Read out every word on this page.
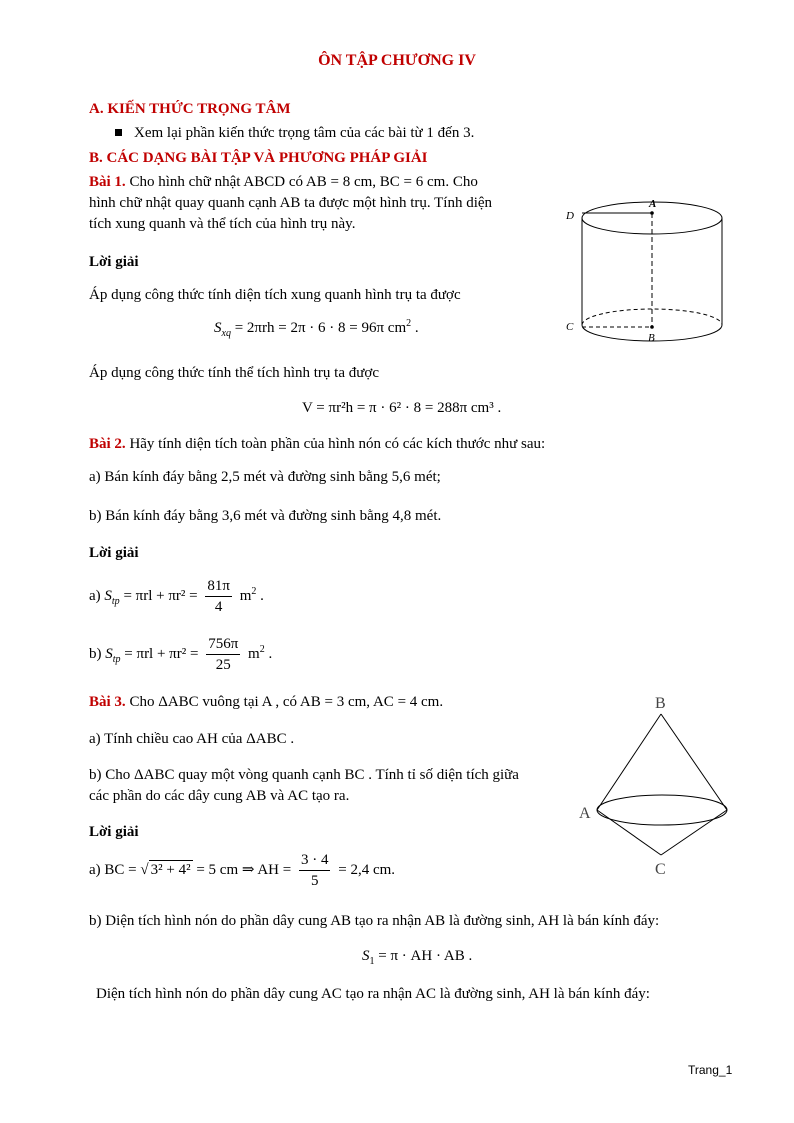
ÔN TẬP CHƯƠNG IV
A. KIẾN THỨC TRỌNG TÂM
Xem lại phần kiến thức trọng tâm của các bài từ 1 đến 3.
B. CÁC DẠNG BÀI TẬP VÀ PHƯƠNG PHÁP GIẢI
Bài 1. Cho hình chữ nhật ABCD có AB = 8 cm, BC = 6 cm. Cho
hình chữ nhật quay quanh cạnh AB ta được một hình trụ. Tính diện
tích xung quanh và thể tích của hình trụ này.
Lời giải
Áp dụng công thức tính diện tích xung quanh hình trụ ta được
$S_{xq} = 2\pi rh = 2\pi \cdot 6 \cdot 8 = 96\pi$ $cm^2$ .
Áp dụng công thức tính thể tích hình trụ ta được
V = πr²h = π · 6² · 8 = 288π cm³ .
D
A
C
B
Bài 2. Hãy tính diện tích toàn phần của hình nón có các kích thước như sau:
a) Bán kính đáy bằng 2,5 mét và đường sinh bằng 5,6 mét;
b) Bán kính đáy bằng 3,6 mét và đường sinh bằng 4,8 mét.
Lời giải
a) $S_{tp} = \pi rl + \pi r^2 = \frac{81\pi}{4} m^2$ .
b) $S_{tp} = \pi rl + \pi r^2 = \frac{756\pi}{25} m^2$ .
Bài 3. Cho ΔABC vuông tại A , có AB = 3 cm, AC = 4 cm.
a) Tính chiều cao AH của ΔABC .
b) Cho ΔABC quay một vòng quanh cạnh BC . Tính tỉ số diện tích giữa
các phần do các dây cung AB và AC tạo ra.
Lời giải
a) BC = √ 3² + 4² = 5 cm ⇒ AH = $\frac{3 \cdot 4}{5} = 2,4$ cm.
b) Diện tích hình nón do phần dây cung AB tạo ra nhận AB là đường sinh, AH là bán kính đáy:
$S_1 = \pi$ · AH · AB .
Diện tích hình nón do phần dây cung AC tạo ra nhận AC là đường sinh, AH là bán kính đáy:
B
A
C
Trang_1
